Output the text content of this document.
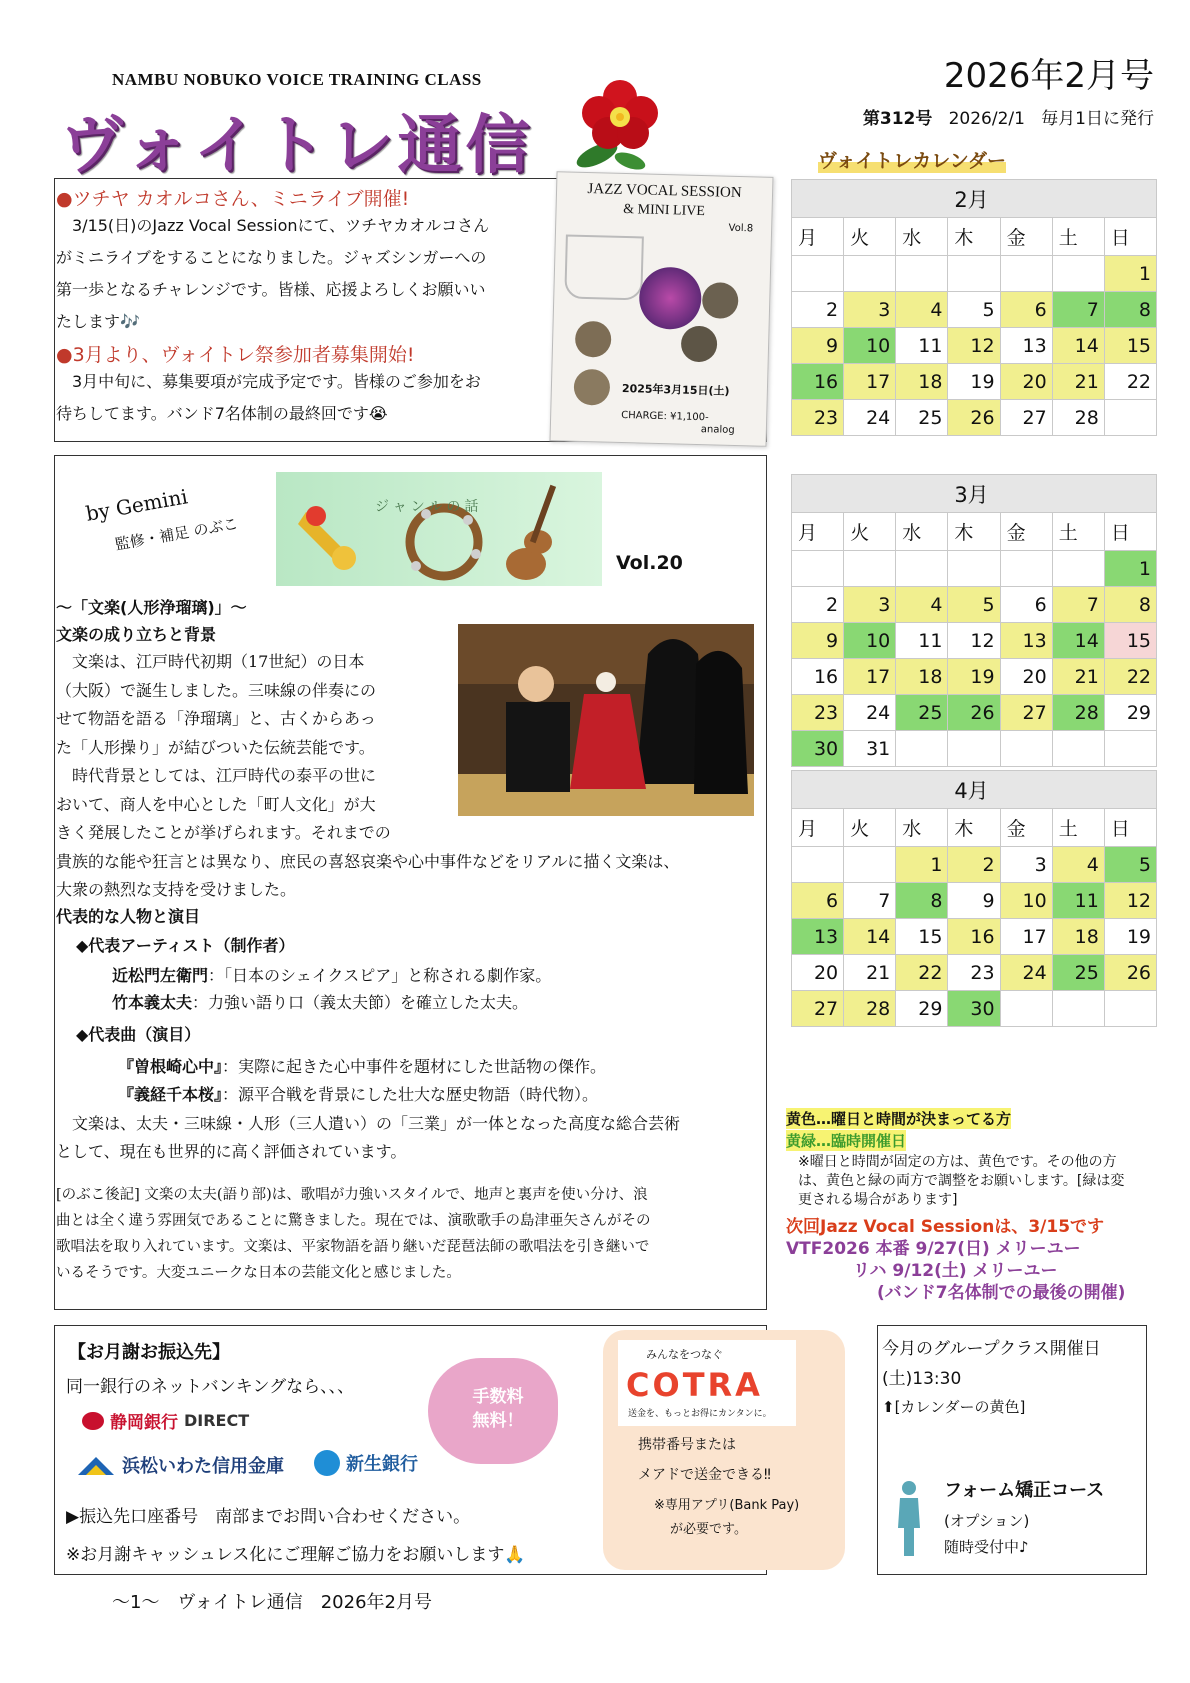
NAMBU NOBUKO VOICE TRAINING CLASS
ヴォイトレ通信
2026年2月号
第312号 2026/2/1 毎月1日に発行
●ツチヤ カオルコさん、ミニライブ開催!
　3/15(日)のJazz Vocal Sessionにて、ツチヤカオルコさん
がミニライブをすることになりました。ジャズシンガーへの
第一歩となるチャレンジです。皆様、応援よろしくお願いい
たします🎶
●3月より、ヴォイトレ祭参加者募集開始!
　3月中旬に、募集要項が完成予定です。皆様のご参加をお
待ちしてます。バンド7名体制の最終回です😭
JAZZ VOCAL SESSION
& MINI LIVE
Vol.8
2025年3月15日(土)
CHARGE: ¥1,100-
analog
by Gemini
監修・補足 のぶこ
ジャンルの話
Vol.20
〜「文楽(人形浄瑠璃)」〜
文楽の成り立ちと背景
　文楽は、江戸時代初期（17世紀）の日本
（大阪）で誕生しました。三味線の伴奏にの
せて物語を語る「浄瑠璃」と、古くからあっ
た「人形操り」が結びついた伝統芸能です。
　時代背景としては、江戸時代の泰平の世に
おいて、商人を中心とした「町人文化」が大
きく発展したことが挙げられます。それまでの
貴族的な能や狂言とは異なり、庶民の喜怒哀楽や心中事件などをリアルに描く文楽は、
大衆の熱烈な支持を受けました。
代表的な人物と演目
◆代表アーティスト（制作者）
近松門左衛門：「日本のシェイクスピア」と称される劇作家。
竹本義太夫：力強い語り口（義太夫節）を確立した太夫。
◆代表曲（演目）
『曽根崎心中』：実際に起きた心中事件を題材にした世話物の傑作。
『義経千本桜』：源平合戦を背景にした壮大な歴史物語（時代物）。
　文楽は、太夫・三味線・人形（三人遣い）の「三業」が一体となった高度な総合芸術
として、現在も世界的に高く評価されています。
[のぶこ後記] 文楽の太夫(語り部)は、歌唱が力強いスタイルで、地声と裏声を使い分け、浪
曲とは全く違う雰囲気であることに驚きました。現在では、演歌歌手の島津亜矢さんがその
歌唱法を取り入れています。文楽は、平家物語を語り継いだ琵琶法師の歌唱法を引き継いで
いるそうです。大変ユニークな日本の芸能文化と感じました。
ヴォイトレカレンダー
2月						
月	火	水	木	金	土	日
						1
2	3	4	5	6	7	8
9	10	11	12	13	14	15
16	17	18	19	20	21	22
23	24	25	26	27	28	
3月						
月	火	水	木	金	土	日
						1
2	3	4	5	6	7	8
9	10	11	12	13	14	15
16	17	18	19	20	21	22
23	24	25	26	27	28	29
30	31					
4月						
月	火	水	木	金	土	日
		1	2	3	4	5
6	7	8	9	10	11	12
13	14	15	16	17	18	19
20	21	22	23	24	25	26
27	28	29	30			
黄色…曜日と時間が決まってる方
黄緑…臨時開催日
※曜日と時間が固定の方は、黄色です。その他の方は、黄色と緑の両方で調整をお願いします。[緑は変更される場合があります]
次回Jazz Vocal Sessionは、3/15です
VTF2026 本番 9/27(日) メリーユー
リハ 9/12(土) メリーユー
(バンド7名体制での最後の開催)
【お月謝お振込先】
同一銀行のネットバンキングなら、、、
静岡銀行 DIRECT
浜松いわた信用金庫	新生銀行
手数料無料！
▶振込先口座番号　南部までお問い合わせください。
※お月謝キャッシュレス化にご理解ご協力をお願いします🙏
みんなをつなぐ
COTRA
送金を、もっとお得にカンタンに。
携帯番号または
メアドで送金できる‼︎
※専用アプリ(Bank Pay)
が必要です。
今月のグループクラス開催日
(土)13:30
⬆[カレンダーの黄色]
フォーム矯正コース
(オプション)
随時受付中♪
〜1〜　ヴォイトレ通信　2026年2月号
